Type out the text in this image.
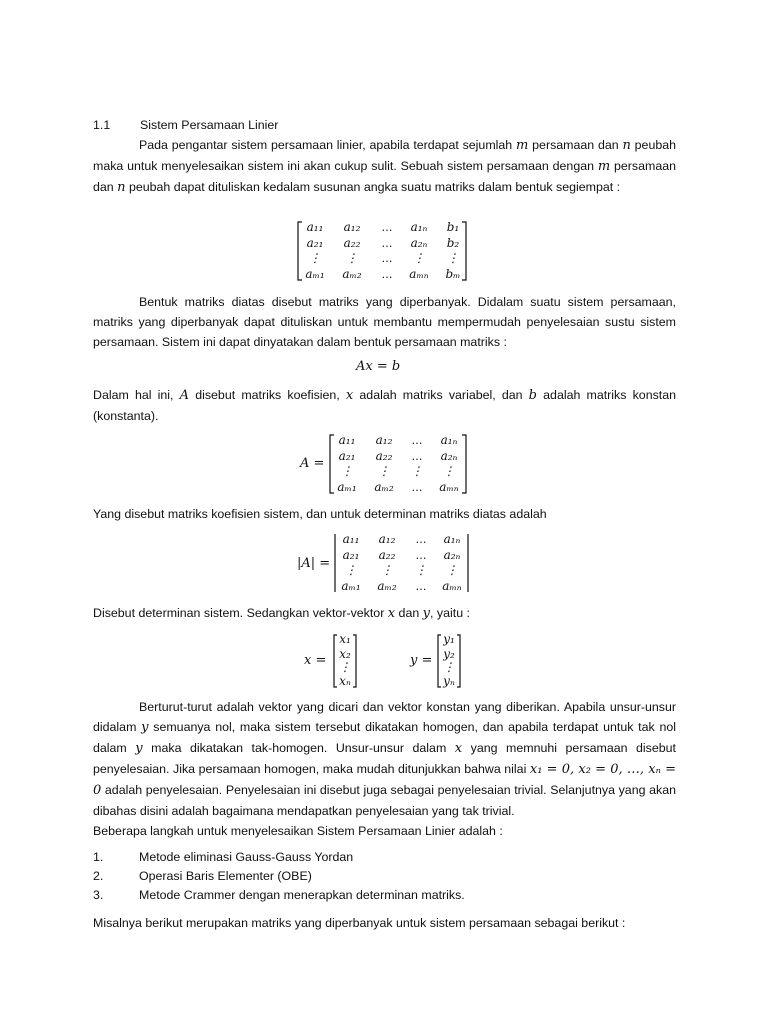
1.1 Sistem Persamaan Linier
Pada pengantar sistem persamaan linier, apabila terdapat sejumlah m persamaan dan n peubah maka untuk menyelesaikan sistem ini akan cukup sulit. Sebuah sistem persamaan dengan m persamaan dan n peubah dapat dituliskan kedalam susunan angka suatu matriks dalam bentuk segiempat :
a₁₁ a₁₂ … a₁ₙ b₁
a₂₁ a₂₂ … a₂ₙ b₂
⋮ ⋮ … ⋮ ⋮
aₘ₁ aₘ₂ … aₘₙ bₘ
Bentuk matriks diatas disebut matriks yang diperbanyak. Didalam suatu sistem persamaan, matriks yang diperbanyak dapat dituliskan untuk membantu mempermudah penyelesaian sustu sistem persamaan. Sistem ini dapat dinyatakan dalam bentuk persamaan matriks :
Ax = b
Dalam hal ini, A disebut matriks koefisien, x adalah matriks variabel, dan b adalah matriks konstan (konstanta).
A =
a₁₁ a₁₂ … a₁ₙ
a₂₁ a₂₂ … a₂ₙ
⋮ ⋮ ⋮ ⋮
aₘ₁ aₘ₂ … aₘₙ
Yang disebut matriks koefisien sistem, dan untuk determinan matriks diatas adalah
|A| =
a₁₁ a₁₂ … a₁ₙ
a₂₁ a₂₂ … a₂ₙ
⋮ ⋮ ⋮ ⋮
aₘ₁ aₘ₂ … aₘₙ
Disebut determinan sistem. Sedangkan vektor-vektor x dan y, yaitu :
x =
x₁
x₂
⋮
xₙ
y =
y₁
y₂
⋮
yₙ
Berturut-turut adalah vektor yang dicari dan vektor konstan yang diberikan. Apabila unsur-unsur didalam y semuanya nol, maka sistem tersebut dikatakan homogen, dan apabila terdapat untuk tak nol dalam y maka dikatakan tak-homogen. Unsur-unsur dalam x yang memnuhi persamaan disebut penyelesaian. Jika persamaan homogen, maka mudah ditunjukkan bahwa nilai x₁ = 0, x₂ = 0, …, xₙ = 0 adalah penyelesaian. Penyelesaian ini disebut juga sebagai penyelesaian trivial. Selanjutnya yang akan dibahas disini adalah bagaimana mendapatkan penyelesaian yang tak trivial.
Beberapa langkah untuk menyelesaikan Sistem Persamaan Linier adalah :
1.	Metode eliminasi Gauss-Gauss Yordan
2.	Operasi Baris Elementer (OBE)
3.	Metode Crammer dengan menerapkan determinan matriks.
Misalnya berikut merupakan matriks yang diperbanyak untuk sistem persamaan sebagai berikut :
